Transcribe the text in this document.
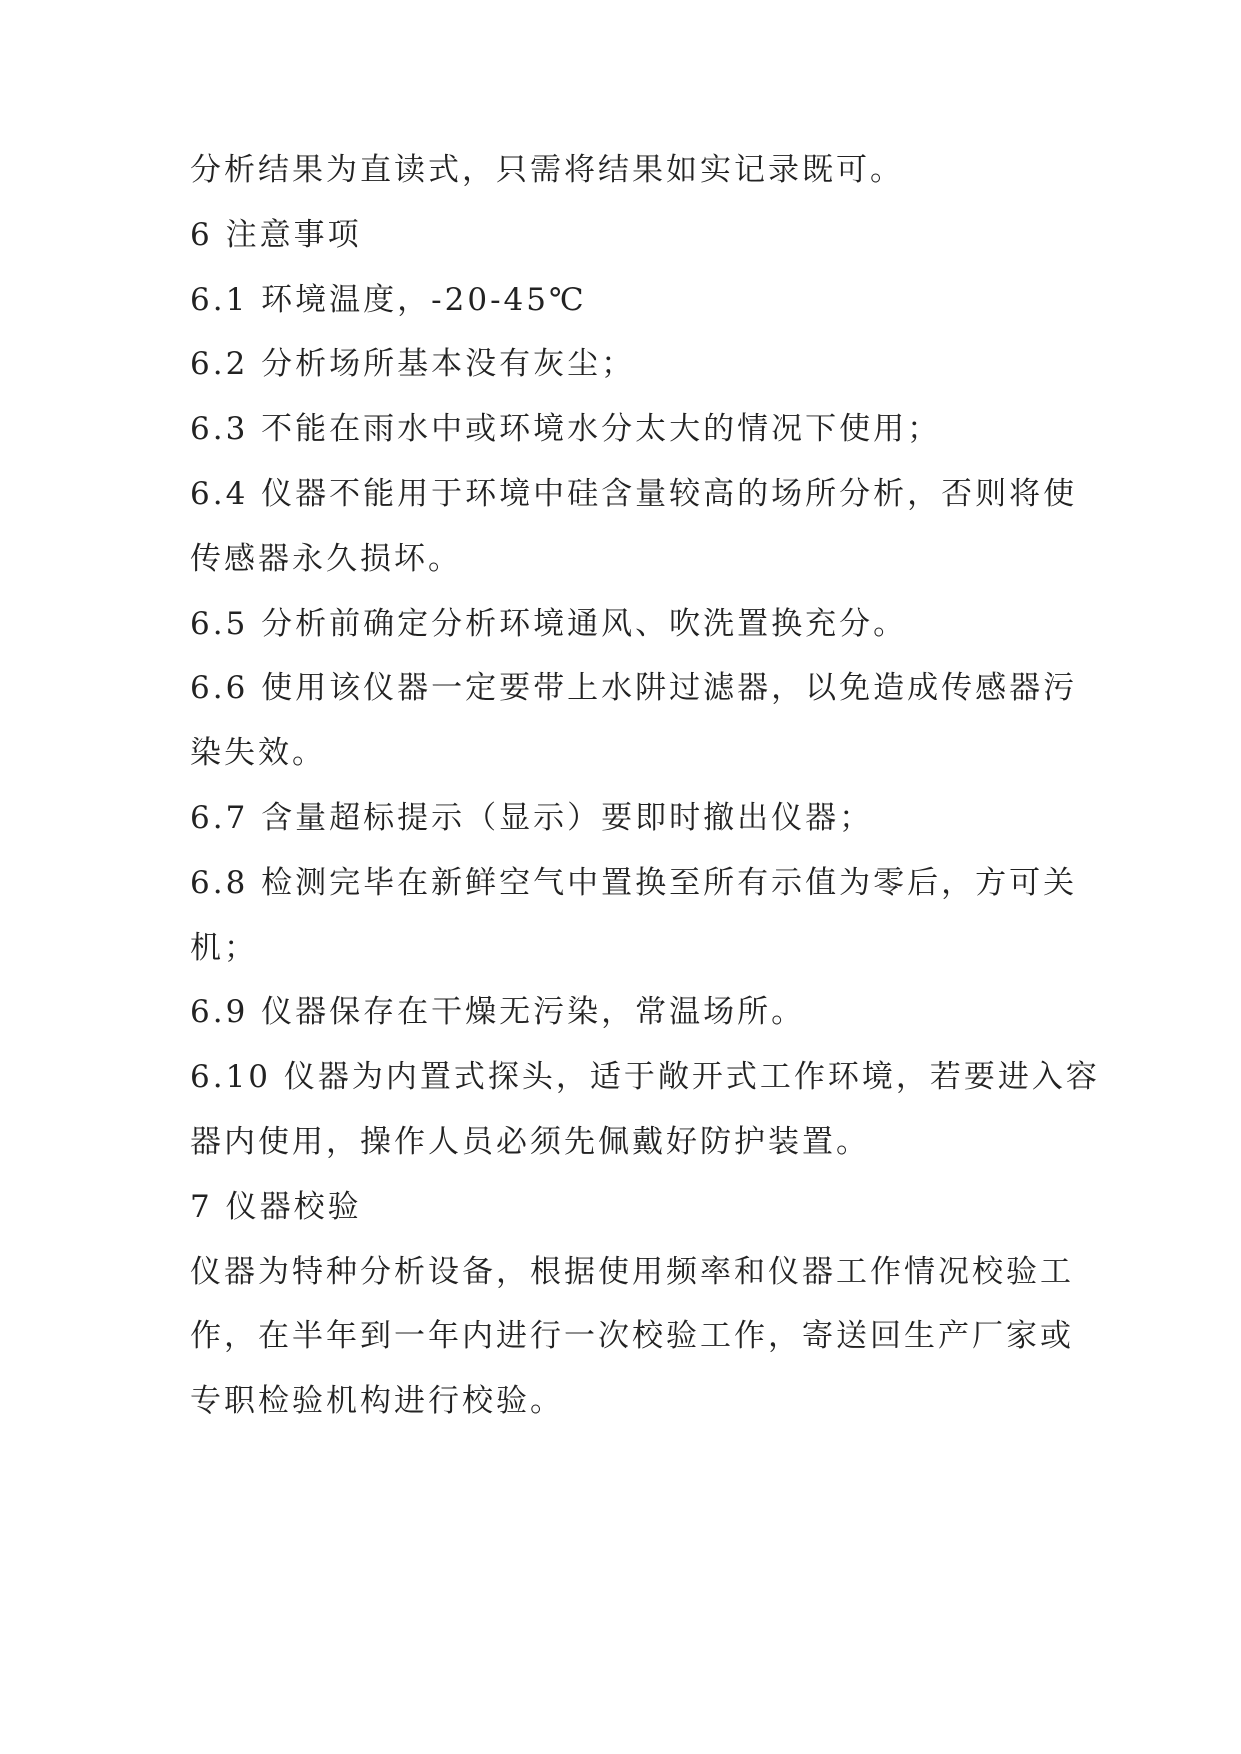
分析结果为直读式，只需将结果如实记录既可。
6 注意事项
6.1 环境温度，-20-45℃
6.2 分析场所基本没有灰尘；
6.3 不能在雨水中或环境水分太大的情况下使用；
6.4 仪器不能用于环境中硅含量较高的场所分析，否则将使
传感器永久损坏。
6.5 分析前确定分析环境通风、吹洗置换充分。
6.6 使用该仪器一定要带上水阱过滤器，以免造成传感器污
染失效。
6.7 含量超标提示（显示）要即时撤出仪器；
6.8 检测完毕在新鲜空气中置换至所有示值为零后，方可关
机；
6.9 仪器保存在干燥无污染，常温场所。
6.10 仪器为内置式探头，适于敞开式工作环境，若要进入容
器内使用，操作人员必须先佩戴好防护装置。
7 仪器校验
仪器为特种分析设备，根据使用频率和仪器工作情况校验工
作，在半年到一年内进行一次校验工作，寄送回生产厂家或
专职检验机构进行校验。
